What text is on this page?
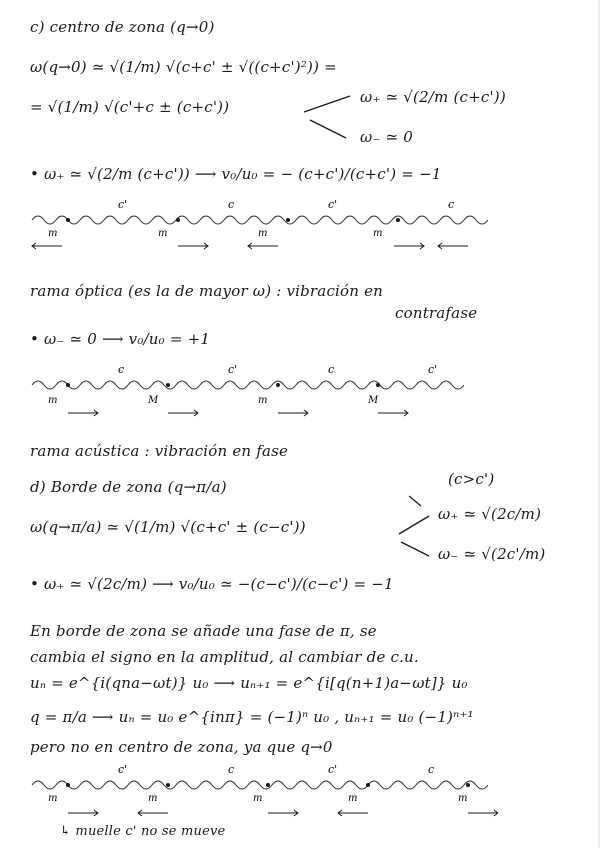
c) centro de zona (q→0)
ω(q→0) ≃ √(1/m) √(c+c' ± √((c+c')²)) =
= √(1/m) √(c'+c ± (c+c'))
ω₊ ≃ √(2/m (c+c'))
ω₋ ≃ 0
• ω₊ ≃ √(2/m (c+c')) ⟶ v₀/u₀ = − (c+c')/(c+c') = −1
c'	c	c'	c
m	m	m	m
rama óptica (es la de mayor ω) : vibración en
contrafase
• ω₋ ≃ 0 ⟶ v₀/u₀ = +1
c	c'	c	c'
m	M	m	M
rama acústica : vibración en fase
d) Borde de zona (q→π/a)	(c>c')
ω(q→π/a) ≃ √(1/m) √(c+c' ± (c−c'))
ω₊ ≃ √(2c/m)
ω₋ ≃ √(2c'/m)
• ω₊ ≃ √(2c/m) ⟶ v₀/u₀ ≃ −(c−c')/(c−c') = −1
En borde de zona se añade una fase de π, se
cambia el signo en la amplitud, al cambiar de c.u.
uₙ = e^{i(qna−ωt)} u₀ ⟶ uₙ₊₁ = e^{i[q(n+1)a−ωt]} u₀
q = π/a ⟶ uₙ = u₀ e^{inπ} = (−1)ⁿ u₀ , uₙ₊₁ = u₀ (−1)ⁿ⁺¹
pero no en centro de zona, ya que q→0
c'	c	c'	c
m	m	m	m	m
↳ muelle c' no se mueve
